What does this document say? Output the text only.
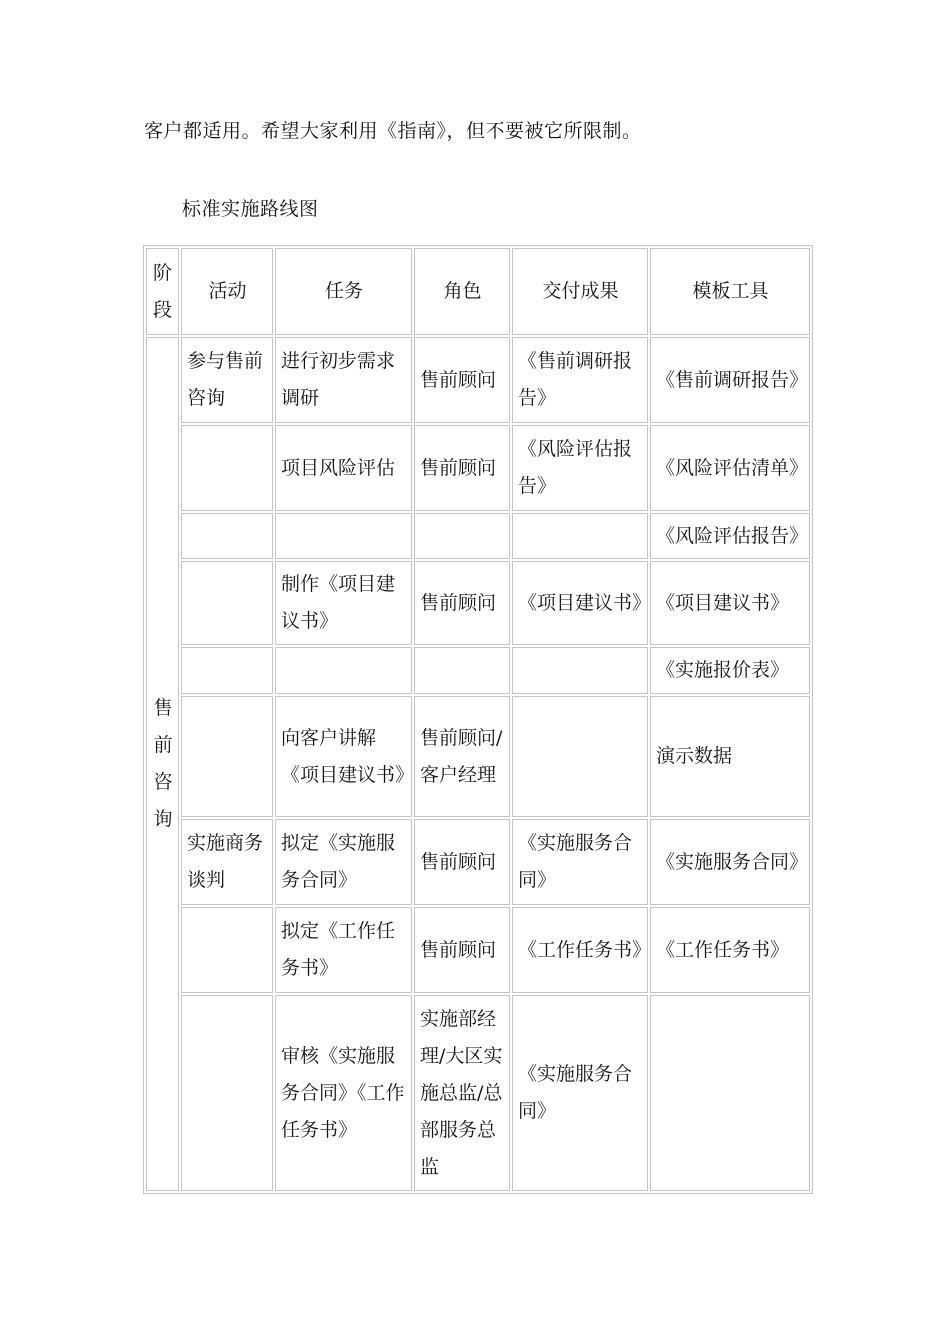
客户都适用。希望大家利用《指南》，但不要被它所限制。
标准实施路线图
阶段	活动	任务	角色	交付成果	模板工具
售前咨询	参与售前咨询	进行初步需求调研	售前顾问	《售前调研报告》	《售前调研报告》
		项目风险评估	售前顾问	《风险评估报告》	《风险评估清单》
					《风险评估报告》
		制作《项目建议书》	售前顾问	《项目建议书》	《项目建议书》
					《实施报价表》
		向客户讲解《项目建议书》	售前顾问/客户经理		演示数据
	实施商务谈判	拟定《实施服务合同》	售前顾问	《实施服务合同》	《实施服务合同》
		拟定《工作任务书》	售前顾问	《工作任务书》	《工作任务书》
		审核《实施服务合同》《工作任务书》	实施部经理/大区实施总监/总部服务总监	《实施服务合同》	
